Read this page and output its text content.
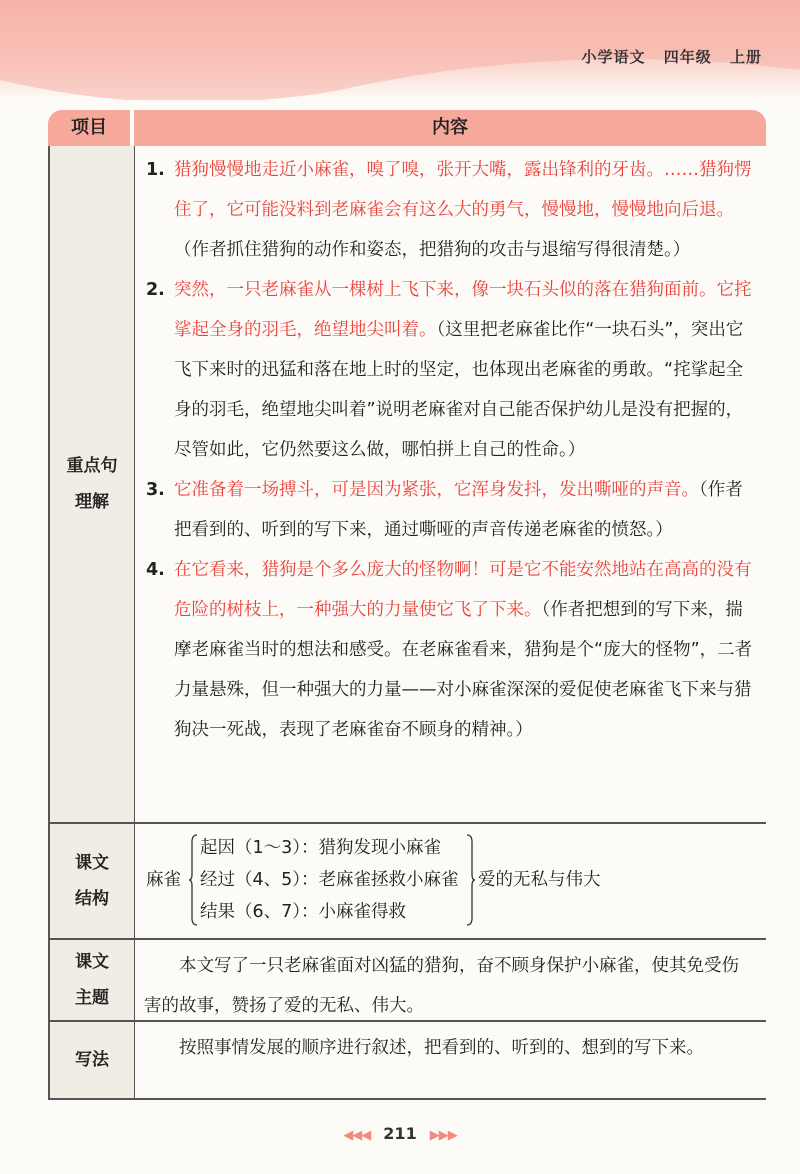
小学语文 四年级 上册
项目	内容
重点句
理解
1. 猎狗慢慢地走近小麻雀，嗅了嗅，张开大嘴，露出锋利的牙齿。……猎狗愣住了，它可能没料到老麻雀会有这么大的勇气，慢慢地，慢慢地向后退。（作者抓住猎狗的动作和姿态，把猎狗的攻击与退缩写得很清楚。）
2. 突然，一只老麻雀从一棵树上飞下来，像一块石头似的落在猎狗面前。它挓挲起全身的羽毛，绝望地尖叫着。（这里把老麻雀比作“一块石头”，突出它飞下来时的迅猛和落在地上时的坚定，也体现出老麻雀的勇敢。“挓挲起全身的羽毛，绝望地尖叫着”说明老麻雀对自己能否保护幼儿是没有把握的，尽管如此，它仍然要这么做，哪怕拼上自己的性命。）
3. 它准备着一场搏斗，可是因为紧张，它浑身发抖，发出嘶哑的声音。（作者把看到的、听到的写下来，通过嘶哑的声音传递老麻雀的愤怒。）
4. 在它看来，猎狗是个多么庞大的怪物啊！可是它不能安然地站在高高的没有危险的树枝上，一种强大的力量使它飞了下来。（作者把想到的写下来，揣摩老麻雀当时的想法和感受。在老麻雀看来，猎狗是个“庞大的怪物”，二者力量悬殊，但一种强大的力量——对小麻雀深深的爱促使老麻雀飞下来与猎狗决一死战，表现了老麻雀奋不顾身的精神。）
课文
结构
麻雀
起因（1～3）：猎狗发现小麻雀
经过（4、5）：老麻雀拯救小麻雀
结果（6、7）：小麻雀得救
爱的无私与伟大
课文
主题
本文写了一只老麻雀面对凶猛的猎狗，奋不顾身保护小麻雀，使其免受伤害的故事，赞扬了爱的无私、伟大。
写法
按照事情发展的顺序进行叙述，把看到的、听到的、想到的写下来。
◀◀◀ 211 ▶▶▶
